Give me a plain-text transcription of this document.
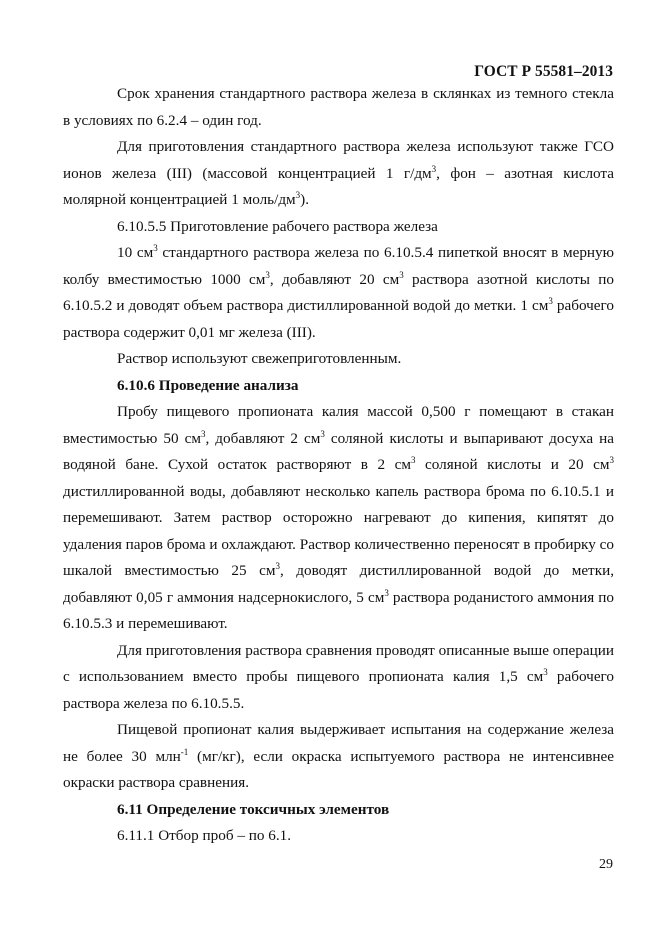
ГОСТ Р 55581–2013

Срок хранения стандартного раствора железа в склянках из темного стекла в условиях по 6.2.4 – один год.

Для приготовления стандартного раствора железа используют также ГСО ионов железа (III) (массовой концентрацией 1 $г/дм^3$, фон – азотная кислота молярной концентрацией 1 моль/$дм^3$).

6.10.5.5 Приготовление рабочего раствора железа

10 $см^3$ стандартного раствора железа по 6.10.5.4 пипеткой вносят в мерную колбу вместимостью 1000 $см^3$, добавляют 20 $см^3$ раствора азотной кислоты по 6.10.5.2 и доводят объем раствора дистиллированной водой до метки. 1 $см^3$ рабочего раствора содержит 0,01 мг железа (III).

Раствор используют свежеприготовленным.

6.10.6 Проведение анализа

Пробу пищевого пропионата калия массой 0,500 г помещают в стакан вместимостью 50 $см^3$, добавляют 2 $см^3$ соляной кислоты и выпаривают досуха на водяной бане. Сухой остаток растворяют в 2 $см^3$ соляной кислоты и 20 $см^3$ дистиллированной воды, добавляют несколько капель раствора брома по 6.10.5.1 и перемешивают. Затем раствор осторожно нагревают до кипения, кипятят до удаления паров брома и охлаждают. Раствор количественно переносят в пробирку со шкалой вместимостью 25 $см^3$, доводят дистиллированной водой до метки, добавляют 0,05 г аммония надсернокислого, 5 $см^3$ раствора роданистого аммония по 6.10.5.3 и перемешивают.

Для приготовления раствора сравнения проводят описанные выше операции с использованием вместо пробы пищевого пропионата калия 1,5 $см^3$ рабочего раствора железа по 6.10.5.5.

Пищевой пропионат калия выдерживает испытания на содержание железа не более 30 млн$^{-1}$ (мг/кг), если окраска испытуемого раствора не интенсивнее окраски раствора сравнения.

6.11 Определение токсичных элементов

6.11.1 Отбор проб – по 6.1.

29
